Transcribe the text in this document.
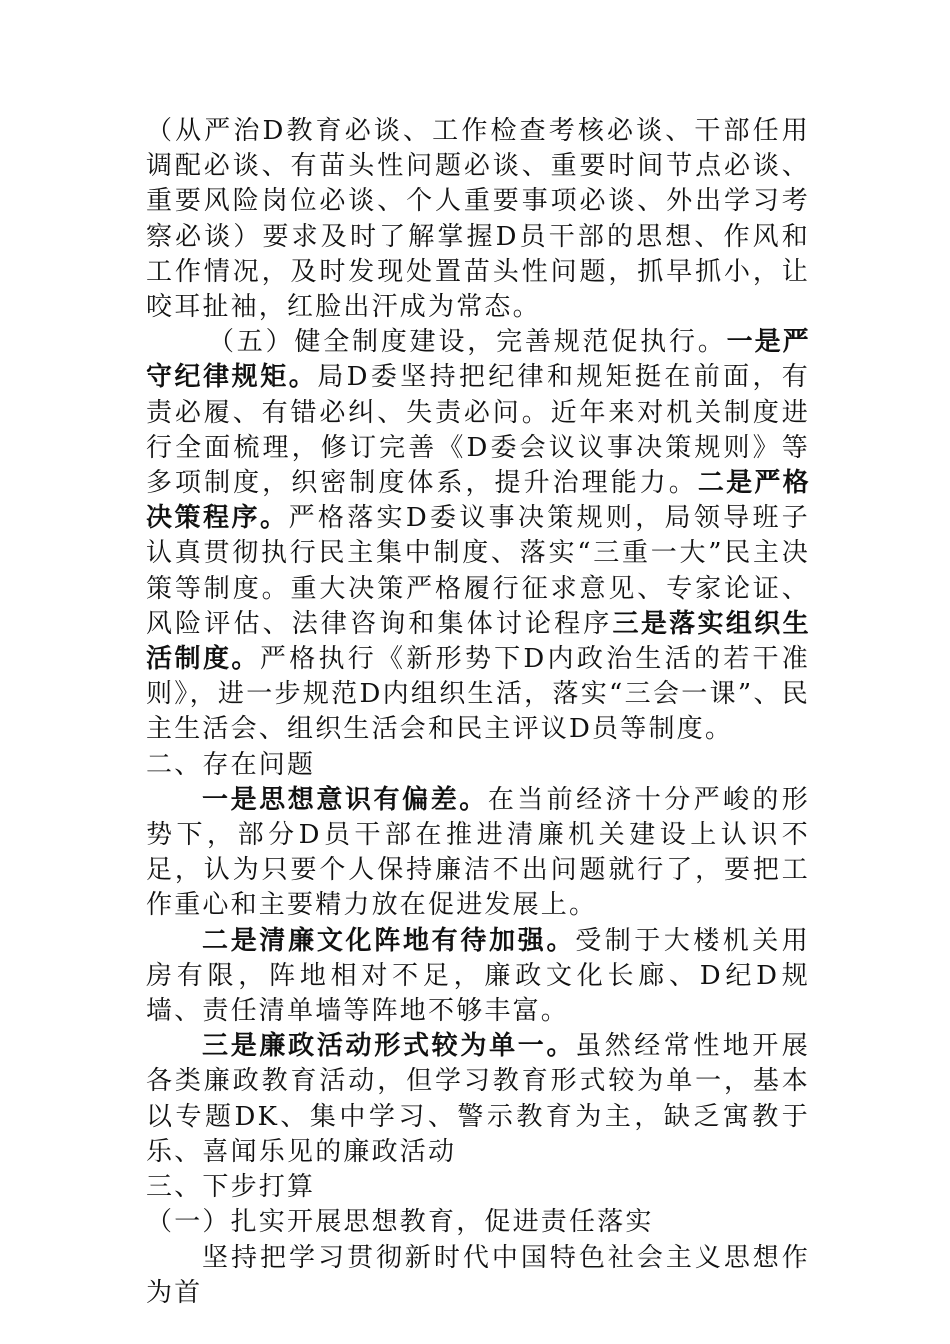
（从严治D教育必谈、工作检查考核必谈、干部任用调配必谈、有苗头性问题必谈、重要时间节点必谈、重要风险岗位必谈、个人重要事项必谈、外出学习考察必谈）要求及时了解掌握D员干部的思想、作风和工作情况，及时发现处置苗头性问题，抓早抓小，让咬耳扯袖，红脸出汗成为常态。

（五）健全制度建设，完善规范促执行。一是严守纪律规矩。局D委坚持把纪律和规矩挺在前面，有责必履、有错必纠、失责必问。近年来对机关制度进行全面梳理，修订完善《D委会议议事决策规则》等多项制度，织密制度体系，提升治理能力。二是严格决策程序。严格落实D委议事决策规则，局领导班子认真贯彻执行民主集中制度、落实“三重一大”民主决策等制度。重大决策严格履行征求意见、专家论证、风险评估、法律咨询和集体讨论程序三是落实组织生活制度。严格执行《新形势下D内政治生活的若干准则》，进一步规范D内组织生活，落实“三会一课”、民主生活会、组织生活会和民主评议D员等制度。

二、存在问题

一是思想意识有偏差。在当前经济十分严峻的形势下，部分D员干部在推进清廉机关建设上认识不足，认为只要个人保持廉洁不出问题就行了，要把工作重心和主要精力放在促进发展上。

二是清廉文化阵地有待加强。受制于大楼机关用房有限，阵地相对不足，廉政文化长廊、D纪D规墙、责任清单墙等阵地不够丰富。

三是廉政活动形式较为单一。虽然经常性地开展各类廉政教育活动，但学习教育形式较为单一，基本以专题DK、集中学习、警示教育为主，缺乏寓教于乐、喜闻乐见的廉政活动

三、下步打算

（一）扎实开展思想教育，促进责任落实

坚持把学习贯彻新时代中国特色社会主义思想作为首
